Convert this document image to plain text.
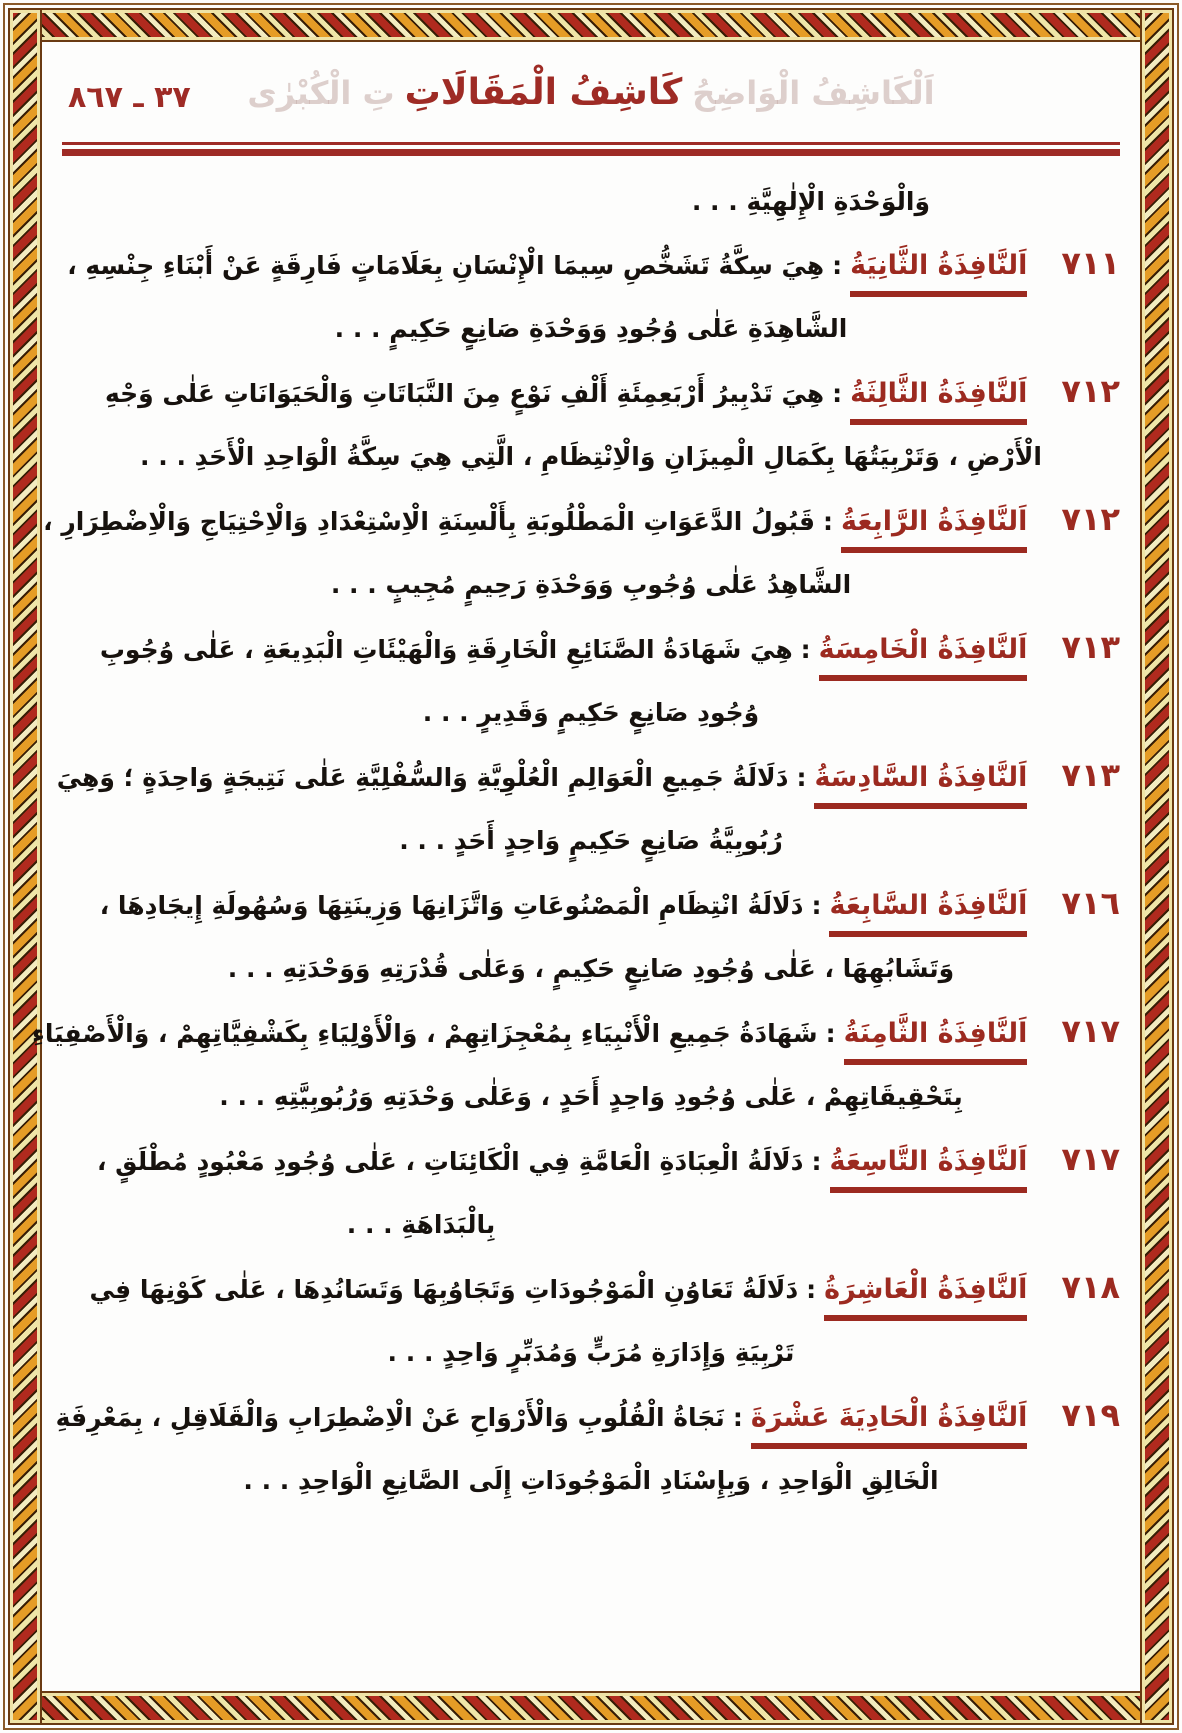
٣٧ ـ ٨٦٧	اَلْكَاشِفُ الْوَاضِحُ
كَاشِفُ الْمَقَالَاتِ
تِ الْكُبْرٰى
وَالْوَحْدَةِ الْإِلٰهِيَّةِ . . .
٧١١اَلنَّافِذَةُ الثَّانِيَةُ:هِيَ سِكَّةُ تَشَخُّصِ سِيمَا الْإِنْسَانِ بِعَلَامَاتٍ فَارِقَةٍ عَنْ أَبْنَاءِ جِنْسِهِ ،
الشَّاهِدَةِ عَلٰى وُجُودِ وَوَحْدَةِ صَانِعٍ حَكِيمٍ . . .
٧١٢اَلنَّافِذَةُ الثَّالِثَةُ:هِيَ تَدْبِيرُ أَرْبَعِمِئَةِ أَلْفِ نَوْعٍ مِنَ النَّبَاتَاتِ وَالْحَيَوَانَاتِ عَلٰى وَجْهِ
الْأَرْضِ ، وَتَرْبِيَتُهَا بِكَمَالِ الْمِيزَانِ وَالْاِنْتِظَامِ ، الَّتِي هِيَ سِكَّةُ الْوَاحِدِ الْأَحَدِ . . .
٧١٢اَلنَّافِذَةُ الرَّابِعَةُ:قَبُولُ الدَّعَوَاتِ الْمَطْلُوبَةِ بِأَلْسِنَةِ الْاِسْتِعْدَادِ وَالْاِحْتِيَاجِ وَالْاِضْطِرَارِ ،
الشَّاهِدُ عَلٰى وُجُوبِ وَوَحْدَةِ رَحِيمٍ مُجِيبٍ . . .
٧١٣اَلنَّافِذَةُ الْخَامِسَةُ:هِيَ شَهَادَةُ الصَّنَائِعِ الْخَارِقَةِ وَالْهَيْئَاتِ الْبَدِيعَةِ ، عَلٰى وُجُوبِ
وُجُودِ صَانِعٍ حَكِيمٍ وَقَدِيرٍ . . .
٧١٣اَلنَّافِذَةُ السَّادِسَةُ:دَلَالَةُ جَمِيعِ الْعَوَالِمِ الْعُلْوِيَّةِ وَالسُّفْلِيَّةِ عَلٰى نَتِيجَةٍ وَاحِدَةٍ ؛ وَهِيَ
رُبُوبِيَّةُ صَانِعٍ حَكِيمٍ وَاحِدٍ أَحَدٍ . . .
٧١٦اَلنَّافِذَةُ السَّابِعَةُ:دَلَالَةُ انْتِظَامِ الْمَصْنُوعَاتِ وَاتَّزَانِهَا وَزِينَتِهَا وَسُهُولَةِ إِيجَادِهَا ،
وَتَشَابُهِهَا ، عَلٰى وُجُودِ صَانِعٍ حَكِيمٍ ، وَعَلٰى قُدْرَتِهِ وَوَحْدَتِهِ . . .
٧١٧اَلنَّافِذَةُ الثَّامِنَةُ:شَهَادَةُ جَمِيعِ الْأَنْبِيَاءِ بِمُعْجِزَاتِهِمْ ، وَالْأَوْلِيَاءِ بِكَشْفِيَّاتِهِمْ ، وَالْأَصْفِيَاءِ
بِتَحْقِيقَاتِهِمْ ، عَلٰى وُجُودِ وَاحِدٍ أَحَدٍ ، وَعَلٰى وَحْدَتِهِ وَرُبُوبِيَّتِهِ . . .
٧١٧اَلنَّافِذَةُ التَّاسِعَةُ:دَلَالَةُ الْعِبَادَةِ الْعَامَّةِ فِي الْكَائِنَاتِ ، عَلٰى وُجُودِ مَعْبُودٍ مُطْلَقٍ ،
بِالْبَدَاهَةِ . . .
٧١٨اَلنَّافِذَةُ الْعَاشِرَةُ:دَلَالَةُ تَعَاوُنِ الْمَوْجُودَاتِ وَتَجَاوُبِهَا وَتَسَانُدِهَا ، عَلٰى كَوْنِهَا فِي
تَرْبِيَةِ وَإِدَارَةِ مُرَبٍّ وَمُدَبِّرٍ وَاحِدٍ . . .
٧١٩اَلنَّافِذَةُ الْحَادِيَةَ عَشْرَةَ:نَجَاةُ الْقُلُوبِ وَالْأَرْوَاحِ عَنْ الْاِضْطِرَابِ وَالْقَلَاقِلِ ، بِمَعْرِفَةِ
الْخَالِقِ الْوَاحِدِ ، وَبِإِسْنَادِ الْمَوْجُودَاتِ إِلَى الصَّانِعِ الْوَاحِدِ . . .
